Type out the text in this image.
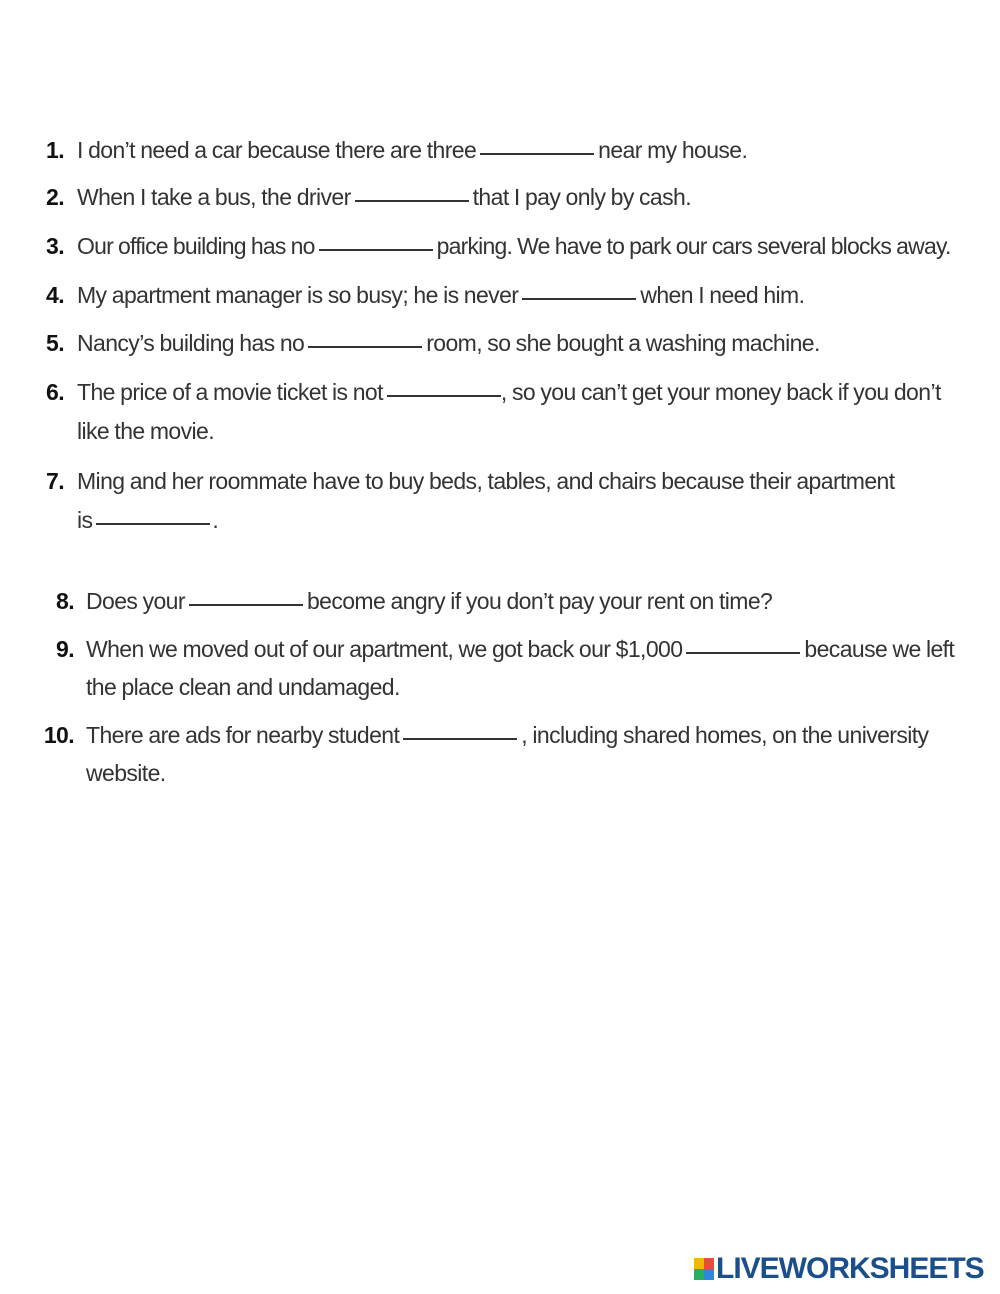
1. I don’t need a car because there are three	near my house.
2. When I take a bus, the driver	that I pay only by cash.
3. Our office building has no	parking. We have to park our cars several blocks away.
4. My apartment manager is so busy; he is never	when I need him.
5. Nancy’s building has no	room, so she bought a washing machine.
6. The price of a movie ticket is not	, so you can’t get your money back if you don’t
like the movie.
7. Ming and her roommate have to buy beds, tables, and chairs because their apartment
is	.
8. Does your	become angry if you don’t pay your rent on time?
9. When we moved out of our apartment, we got back our $1,000	because we left
the place clean and undamaged.
10. There are ads for nearby student	, including shared homes, on the university
website.
LIVEWORKSHEETS
